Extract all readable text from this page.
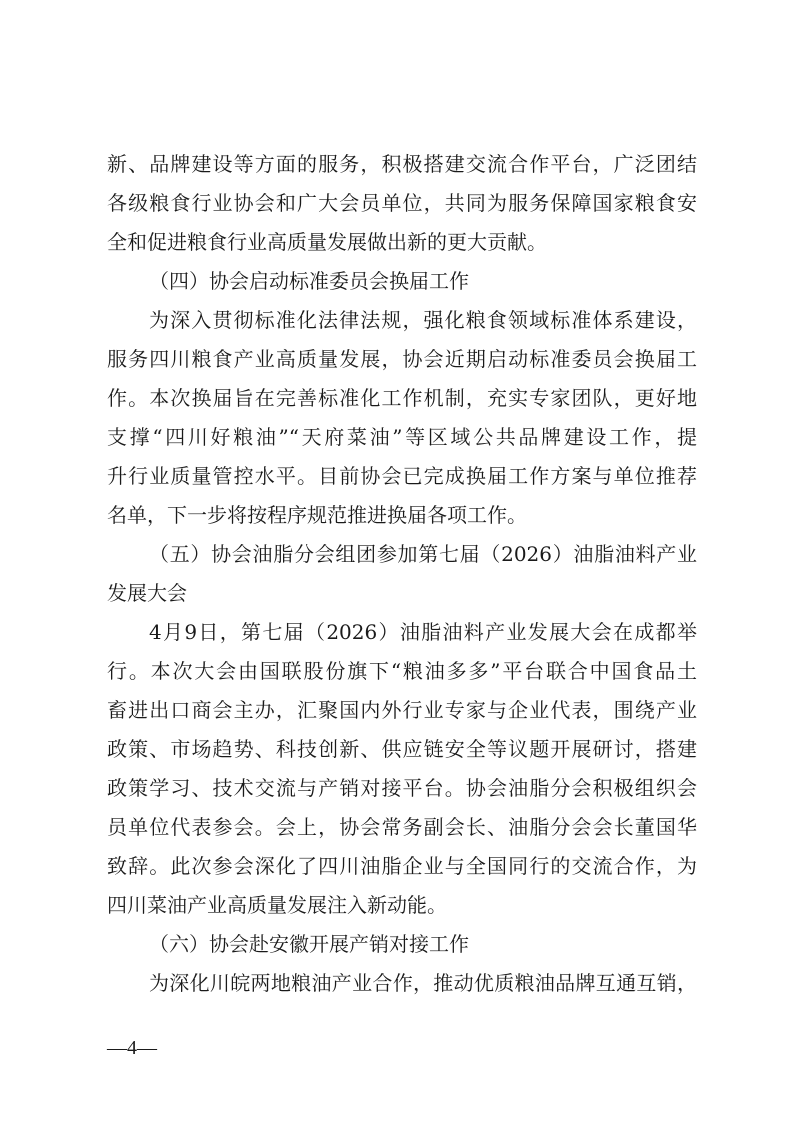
新、品牌建设等方面的服务，积极搭建交流合作平台，广泛团结
各级粮食行业协会和广大会员单位，共同为服务保障国家粮食安
全和促进粮食行业高质量发展做出新的更大贡献。
（四）协会启动标准委员会换届工作
为深入贯彻标准化法律法规，强化粮食领域标准体系建设，
服务四川粮食产业高质量发展，协会近期启动标准委员会换届工
作。本次换届旨在完善标准化工作机制，充实专家团队，更好地
支撑“四川好粮油”“天府菜油”等区域公共品牌建设工作，提
升行业质量管控水平。目前协会已完成换届工作方案与单位推荐
名单，下一步将按程序规范推进换届各项工作。
（五）协会油脂分会组团参加第七届（2026）油脂油料产业
发展大会
4月9日，第七届（2026）油脂油料产业发展大会在成都举
行。本次大会由国联股份旗下“粮油多多”平台联合中国食品土
畜进出口商会主办，汇聚国内外行业专家与企业代表，围绕产业
政策、市场趋势、科技创新、供应链安全等议题开展研讨，搭建
政策学习、技术交流与产销对接平台。协会油脂分会积极组织会
员单位代表参会。会上，协会常务副会长、油脂分会会长董国华
致辞。此次参会深化了四川油脂企业与全国同行的交流合作，为
四川菜油产业高质量发展注入新动能。
（六）协会赴安徽开展产销对接工作
为深化川皖两地粮油产业合作，推动优质粮油品牌互通互销，
—4—
